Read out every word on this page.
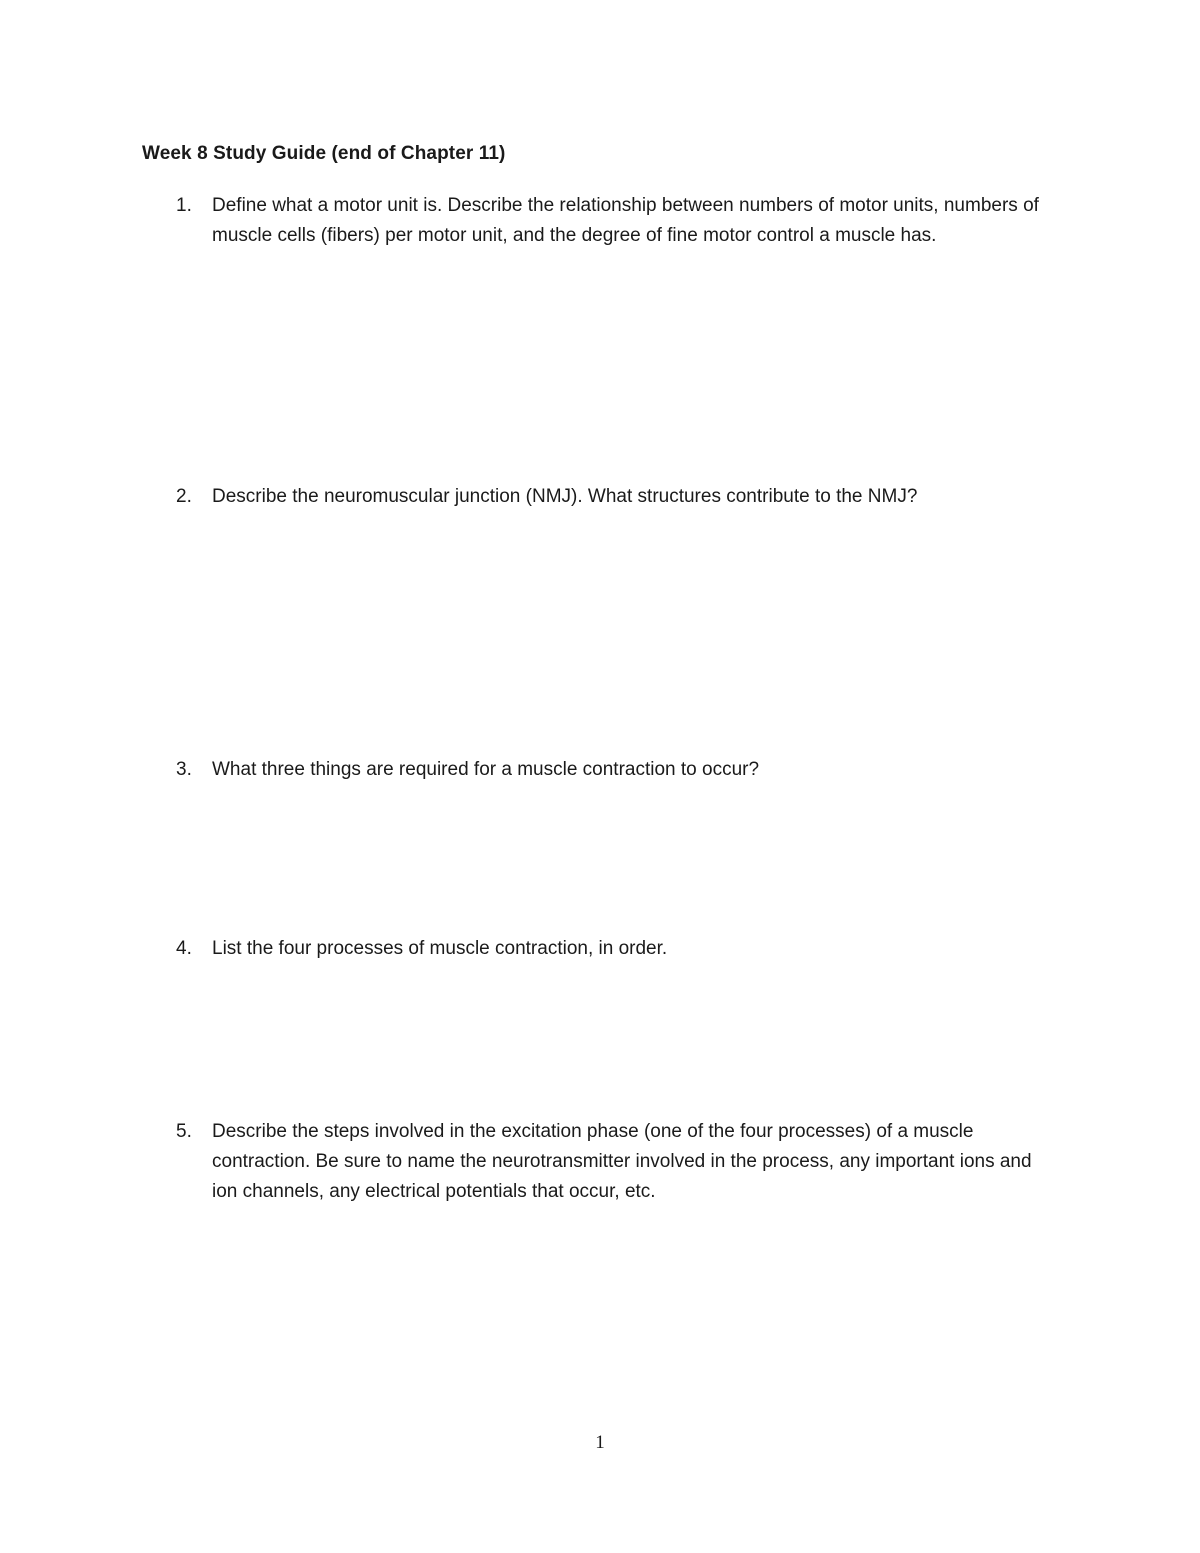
Week 8 Study Guide (end of Chapter 11)
1.	Define what a motor unit is. Describe the relationship between numbers of motor units, numbers of muscle cells (fibers) per motor unit, and the degree of fine motor control a muscle has.
2.	Describe the neuromuscular junction (NMJ). What structures contribute to the NMJ?
3.	What three things are required for a muscle contraction to occur?
4.	List the four processes of muscle contraction, in order.
5.	Describe the steps involved in the excitation phase (one of the four processes) of a muscle contraction. Be sure to name the neurotransmitter involved in the process, any important ions and ion channels, any electrical potentials that occur, etc.
1
